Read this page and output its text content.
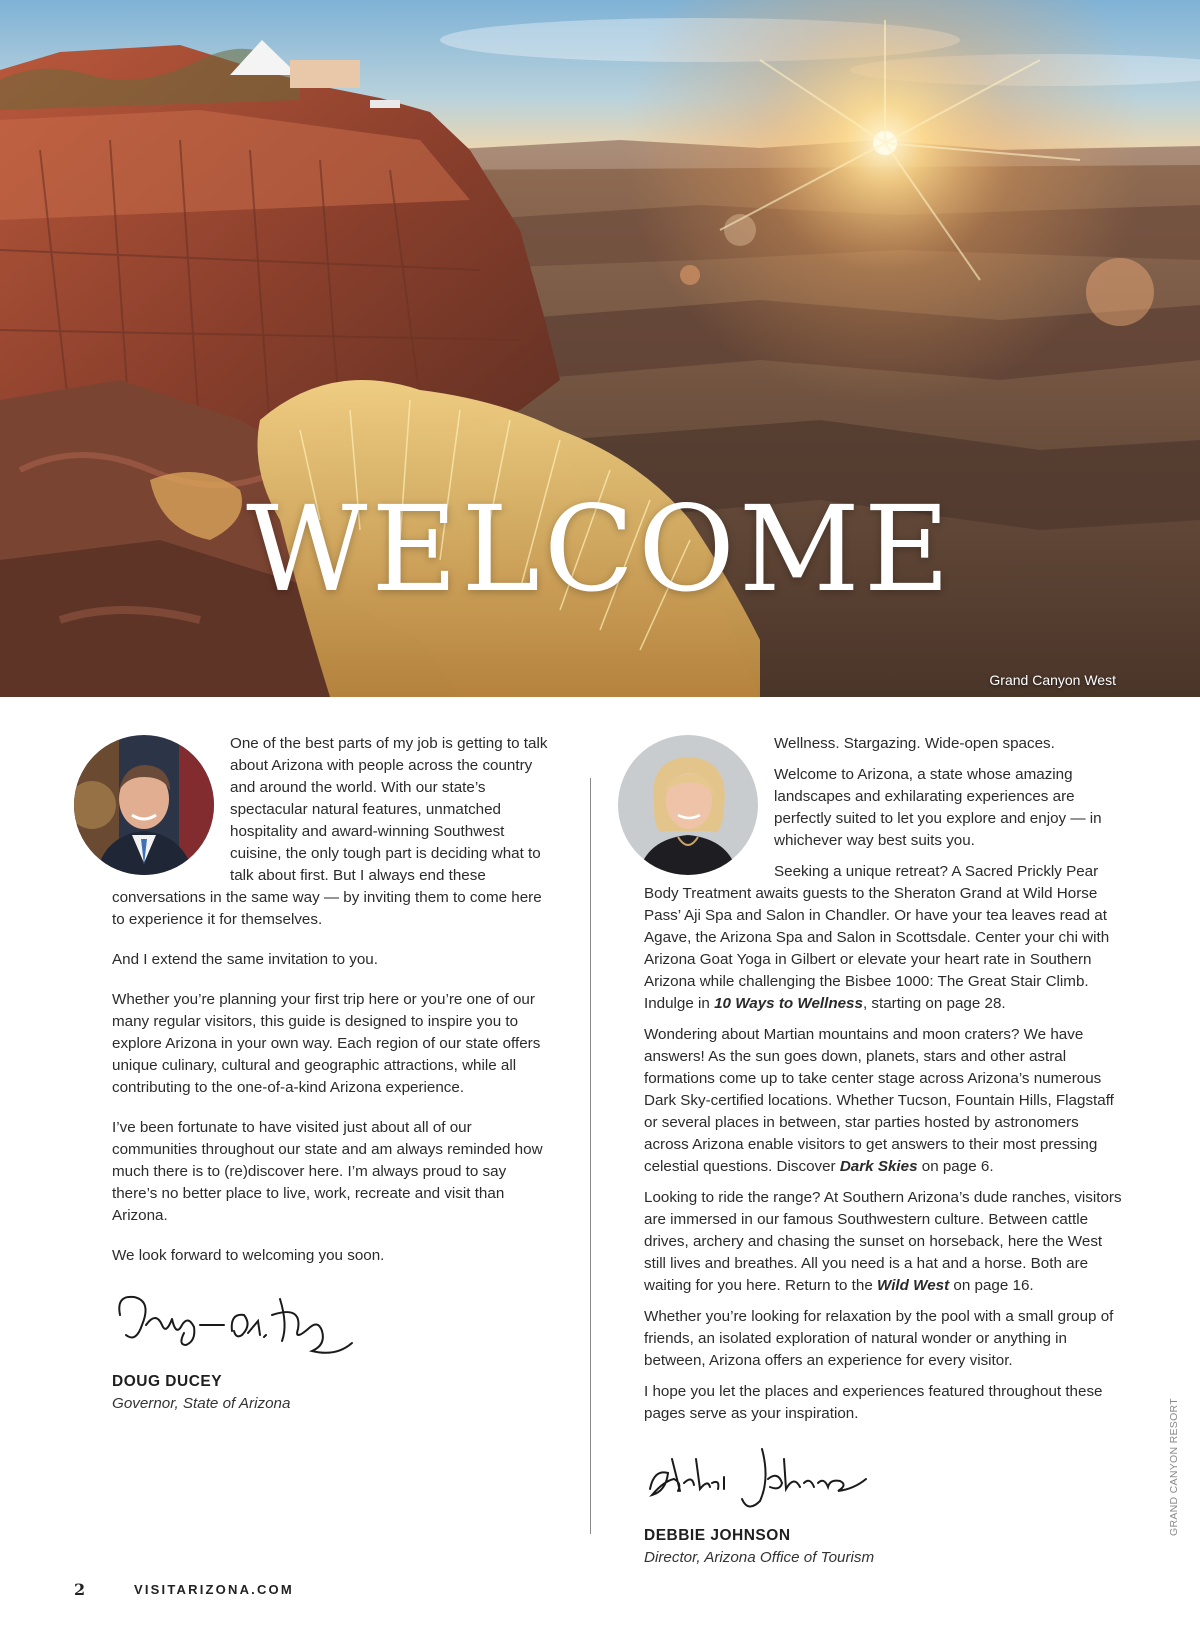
WELCOME
Grand Canyon West

One of the best parts of my job is getting to talk about Arizona with people across the country and around the world. With our state’s spectacular natural features, unmatched hospitality and award-winning Southwest cuisine, the only tough part is deciding what to talk about first. But I always end these conversations in the same way — by inviting them to come here to experience it for themselves.

And I extend the same invitation to you.

Whether you’re planning your first trip here or you’re one of our many regular visitors, this guide is designed to inspire you to explore Arizona in your own way. Each region of our state offers unique culinary, cultural and geographic attractions, while all contributing to the one-of-a-kind Arizona experience.

I’ve been fortunate to have visited just about all of our communities throughout our state and am always reminded how much there is to (re)discover here. I’m always proud to say there’s no better place to live, work, recreate and visit than Arizona.

We look forward to welcoming you soon.

DOUG DUCEY
Governor, State of Arizona

Wellness. Stargazing. Wide-open spaces.

Welcome to Arizona, a state whose amazing landscapes and exhilarating experiences are perfectly suited to let you explore and enjoy — in whichever way best suits you.

Seeking a unique retreat? A Sacred Prickly Pear Body Treatment awaits guests to the Sheraton Grand at Wild Horse Pass’ Aji Spa and Salon in Chandler. Or have your tea leaves read at Agave, the Arizona Spa and Salon in Scottsdale. Center your chi with Arizona Goat Yoga in Gilbert or elevate your heart rate in Southern Arizona while challenging the Bisbee 1000: The Great Stair Climb. Indulge in 10 Ways to Wellness, starting on page 28.

Wondering about Martian mountains and moon craters? We have answers! As the sun goes down, planets, stars and other astral formations come up to take center stage across Arizona’s numerous Dark Sky-certified locations. Whether Tucson, Fountain Hills, Flagstaff or several places in between, star parties hosted by astronomers across Arizona enable visitors to get answers to their most pressing celestial questions. Discover Dark Skies on page 6.

Looking to ride the range? At Southern Arizona’s dude ranches, visitors are immersed in our famous Southwestern culture. Between cattle drives, archery and chasing the sunset on horseback, here the West still lives and breathes. All you need is a hat and a horse. Both are waiting for you here. Return to the Wild West on page 16.

Whether you’re looking for relaxation by the pool with a small group of friends, an isolated exploration of natural wonder or anything in between, Arizona offers an experience for every visitor.

I hope you let the places and experiences featured throughout these pages serve as your inspiration.

DEBBIE JOHNSON
Director, Arizona Office of Tourism
2	VISITARIZONA.COM
GRAND CANYON RESORT
